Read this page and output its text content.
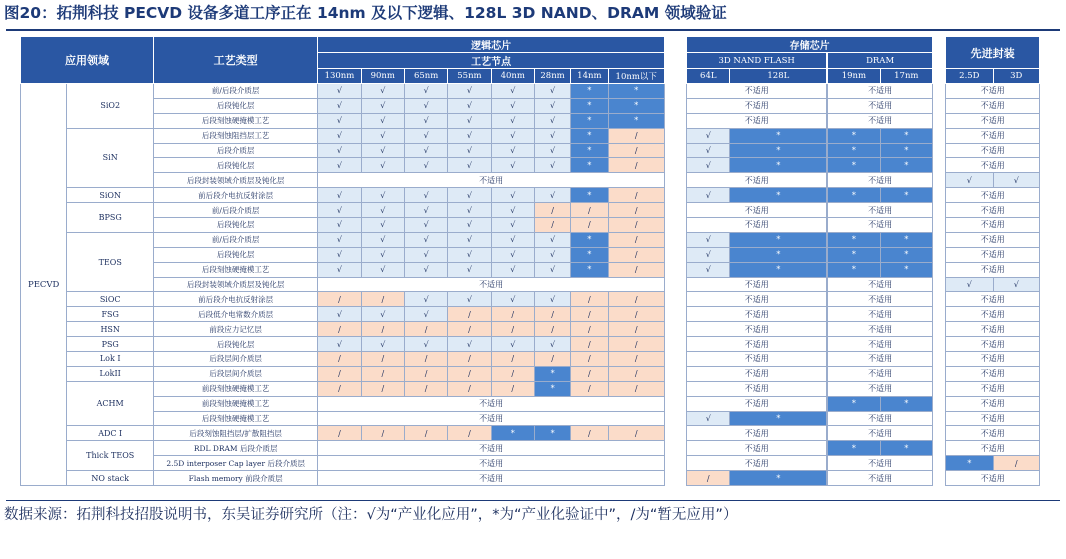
图20：拓荆科技 PECVD 设备多道工序正在 14nm 及以下逻辑、128L 3D NAND、DRAM 领域验证
应用领域		工艺类型	逻辑芯片									存储芯片					先进封装	
			工艺节点									3D NAND FLASH		DRAM				
			130nm	90nm	65nm	55nm	40nm	28nm	14nm	10nm以下		64L	128L		19nm	17nm		2.5D	3D
PECVD	SiO2	前/后段介质层	√	√	√	√	√	√	*	*		不适用		不适用			不适用	
		后段钝化层	√	√	√	√	√	√	*	*		不适用		不适用			不适用	
		后段刻蚀硬掩模工艺	√	√	√	√	√	√	*	*		不适用		不适用			不适用	
	SiN	后段刻蚀阻挡层工艺	√	√	√	√	√	√	*	/		√	*		*	*		不适用	
		后段介质层	√	√	√	√	√	√	*	/		√	*		*	*		不适用	
		后段钝化层	√	√	√	√	√	√	*	/		√	*		*	*		不适用	
		后段封装领域介质层及钝化层	不适用									不适用		不适用			√	√
	SiON	前后段介电抗反射涂层	√	√	√	√	√	√	*	/		√	*		*	*		不适用	
	BPSG	前/后段介质层	√	√	√	√	√	/	/	/		不适用		不适用			不适用	
		后段钝化层	√	√	√	√	√	/	/	/		不适用		不适用			不适用	
	TEOS	前/后段介质层	√	√	√	√	√	√	*	/		√	*		*	*		不适用	
		后段钝化层	√	√	√	√	√	√	*	/		√	*		*	*		不适用	
		后段刻蚀硬掩模工艺	√	√	√	√	√	√	*	/		√	*		*	*		不适用	
		后段封装领域介质层及钝化层	不适用									不适用		不适用			√	√
	SiOC	前后段介电抗反射涂层	/	/	√	√	√	√	/	/		不适用		不适用			不适用	
	FSG	后段低介电常数介质层	√	√	√	/	/	/	/	/		不适用		不适用			不适用	
	HSN	前段应力记忆层	/	/	/	/	/	/	/	/		不适用		不适用			不适用	
	PSG	后段钝化层	√	√	√	√	√	√	/	/		不适用		不适用			不适用	
	Lok I	后段层间介质层	/	/	/	/	/	/	/	/		不适用		不适用			不适用	
	LokII	后段层间介质层	/	/	/	/	/	*	/	/		不适用		不适用			不适用	
	ACHM	前段刻蚀硬掩模工艺	/	/	/	/	/	*	/	/		不适用		不适用			不适用	
		前段刻蚀硬掩模工艺	不适用									不适用		*	*		不适用	
		后段刻蚀硬掩模工艺	不适用									√	*		不适用			不适用	
	ADC I	后段刻蚀阻挡层/扩散阻挡层	/	/	/	/	*	*	/	/		不适用		不适用			不适用	
	Thick TEOS	RDL DRAM 后段介质层	不适用									不适用		*	*		不适用	
		2.5D interposer Cap layer 后段介质层	不适用									不适用		不适用			*	/
	NO stack	Flash memory 前段介质层	不适用									/	*		不适用			不适用	
数据来源：拓荆科技招股说明书，东吴证券研究所（注：√为“产业化应用”，*为“产业化验证中”，/为“暂无应用”）
